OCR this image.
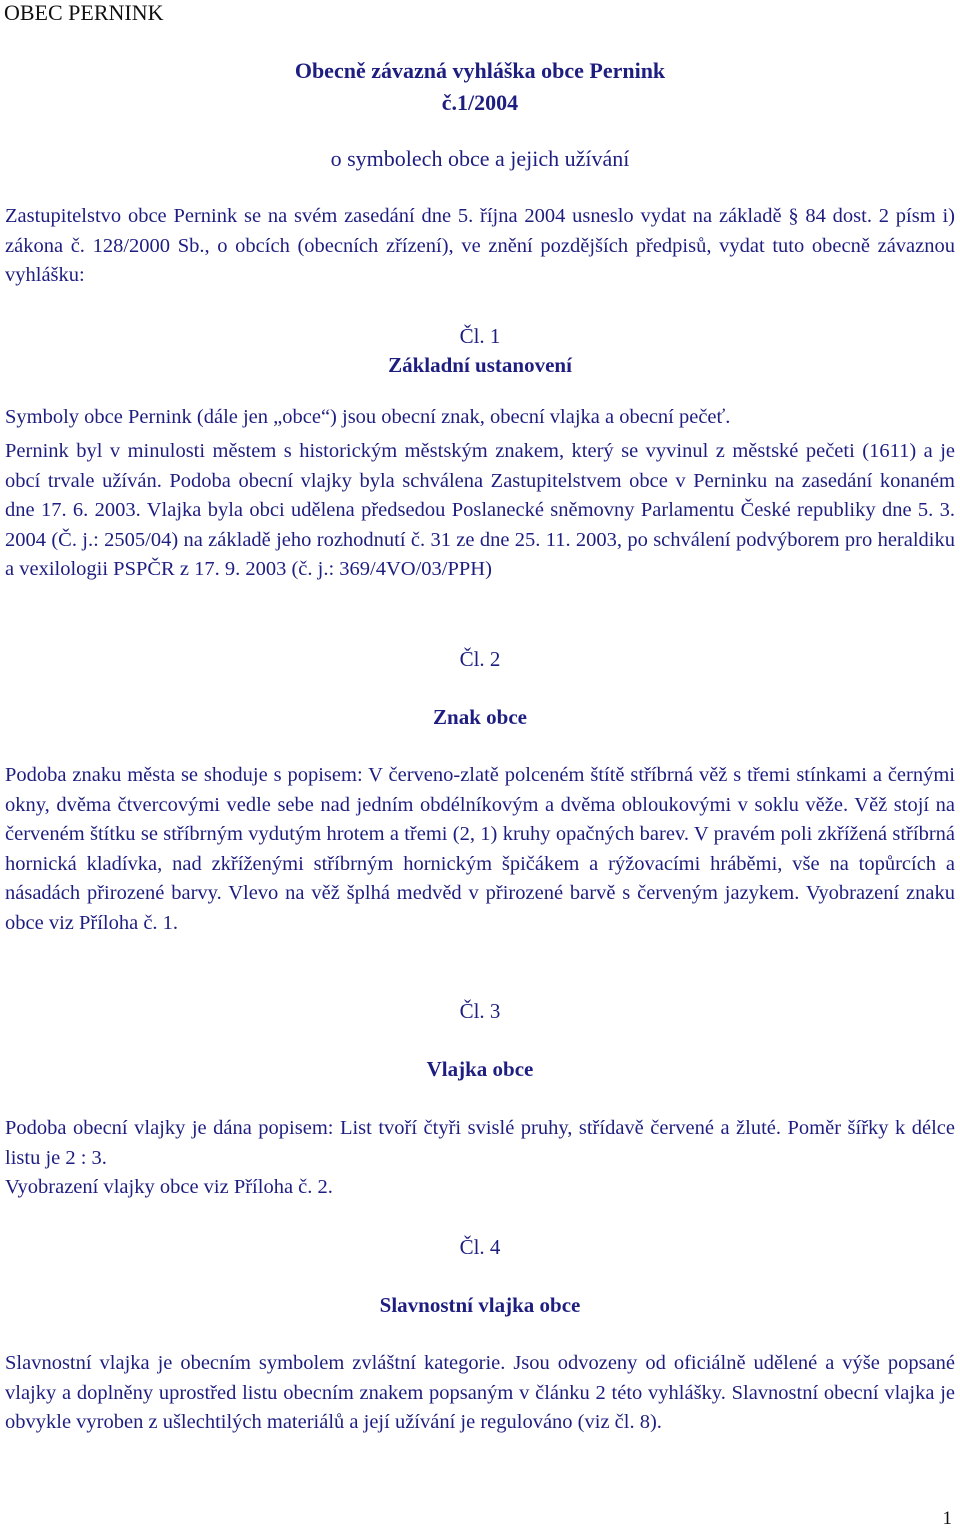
OBEC PERNINK
Obecně závazná vyhláška obce Pernink
č.1/2004
o symbolech obce a jejich užívání

Zastupitelstvo obce Pernink se na svém zasedání dne 5. října 2004 usneslo vydat na základě § 84 dost. 2 písm i) zákona č. 128/2000 Sb., o obcích (obecních zřízení), ve znění pozdějších předpisů, vydat tuto obecně závaznou vyhlášku:

Čl. 1
Základní ustanovení

Symboly obce Pernink (dále jen „obce“) jsou obecní znak, obecní vlajka a obecní pečeť.

Pernink byl v minulosti městem s historickým městským znakem, který se vyvinul z městské pečeti (1611) a je obcí trvale užíván. Podoba obecní vlajky byla schválena Zastupitelstvem obce v Perninku na zasedání konaném dne 17. 6. 2003. Vlajka byla obci udělena předsedou Poslanecké sněmovny Parlamentu České republiky dne 5. 3. 2004 (Č. j.: 2505/04) na základě jeho rozhodnutí č. 31 ze dne 25. 11. 2003, po schválení podvýborem pro heraldiku a vexilologii PSPČR z 17. 9. 2003 (č. j.: 369/4VO/03/PPH)

Čl. 2
Znak obce

Podoba znaku města se shoduje s popisem: V červeno-zlatě polceném štítě stříbrná věž s třemi stínkami a černými okny, dvěma čtvercovými vedle sebe nad jedním obdélníkovým a dvěma obloukovými v soklu věže. Věž stojí na červeném štítku se stříbrným vydutým hrotem a třemi (2, 1) kruhy opačných barev. V pravém poli zkřížená stříbrná hornická kladívka, nad zkříženými stříbrným hornickým špičákem a rýžovacími hráběmi, vše na topůrcích a násadách přirozené barvy. Vlevo na věž šplhá medvěd v přirozené barvě s červeným jazykem. Vyobrazení znaku obce viz Příloha č. 1.

Čl. 3
Vlajka obce

Podoba obecní vlajky je dána popisem: List tvoří čtyři svislé pruhy, střídavě červené a žluté. Poměr šířky k délce listu je 2 : 3.

Vyobrazení vlajky obce viz Příloha č. 2.

Čl. 4
Slavnostní vlajka obce

Slavnostní vlajka je obecním symbolem zvláštní kategorie. Jsou odvozeny od oficiálně udělené a výše popsané vlajky a doplněny uprostřed listu obecním znakem popsaným v článku 2 této vyhlášky. Slavnostní obecní vlajka je obvykle vyroben z ušlechtilých materiálů a její užívání je regulováno (viz čl. 8).

1
